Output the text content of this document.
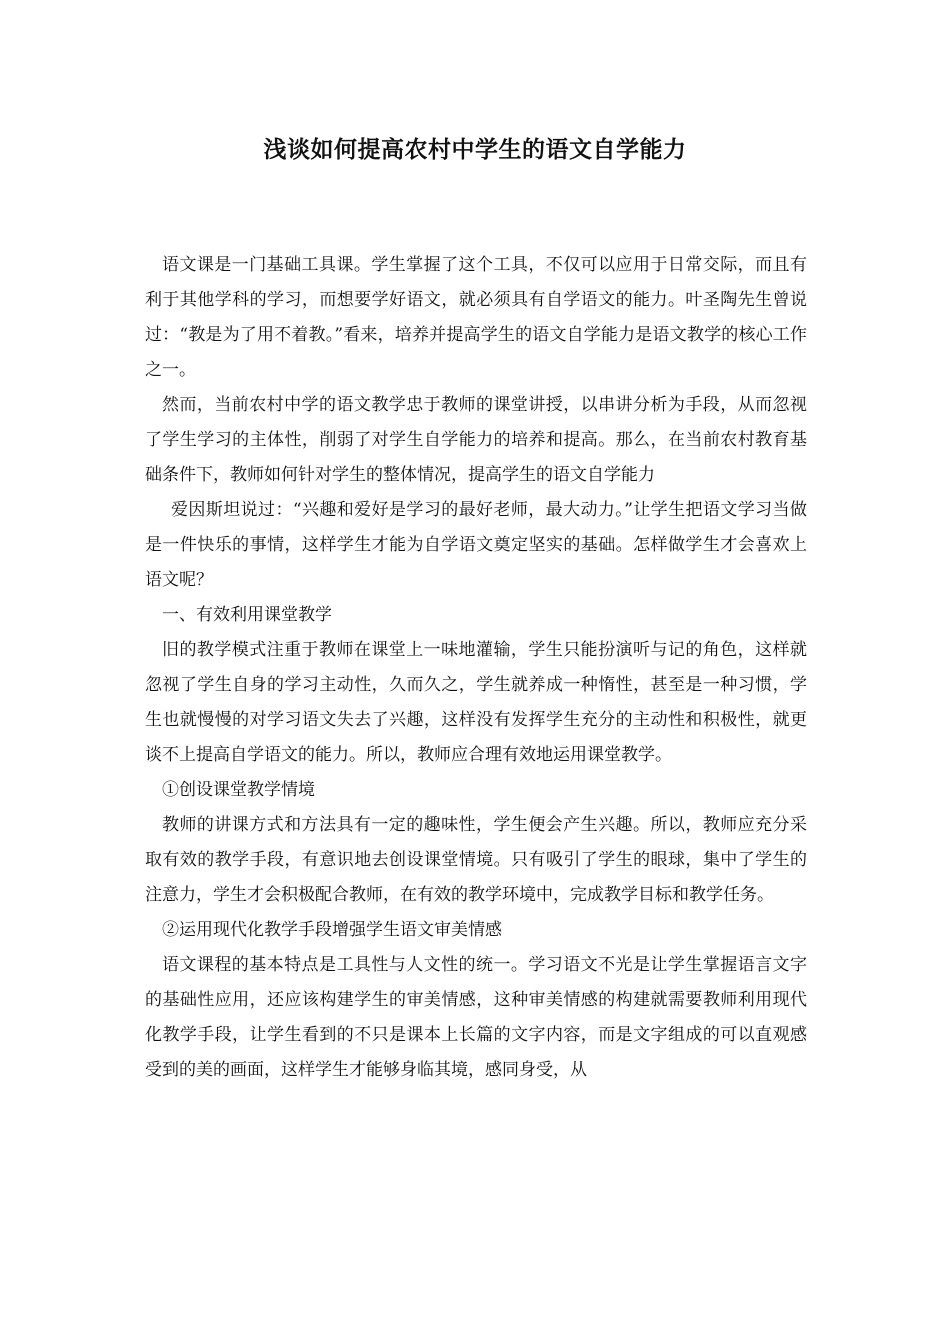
浅谈如何提高农村中学生的语文自学能力

语文课是一门基础工具课。学生掌握了这个工具，不仅可以应用于日常交际，而且有利于其他学科的学习，而想要学好语文，就必须具有自学语文的能力。叶圣陶先生曾说过：“教是为了用不着教。”看来，培养并提高学生的语文自学能力是语文教学的核心工作之一。

然而，当前农村中学的语文教学忠于教师的课堂讲授，以串讲分析为手段，从而忽视了学生学习的主体性，削弱了对学生自学能力的培养和提高。那么，在当前农村教育基础条件下，教师如何针对学生的整体情况，提高学生的语文自学能力

爱因斯坦说过：“兴趣和爱好是学习的最好老师，最大动力。”让学生把语文学习当做是一件快乐的事情，这样学生才能为自学语文奠定坚实的基础。怎样做学生才会喜欢上语文呢？

一、有效利用课堂教学

旧的教学模式注重于教师在课堂上一味地灌输，学生只能扮演听与记的角色，这样就忽视了学生自身的学习主动性，久而久之，学生就养成一种惰性，甚至是一种习惯，学生也就慢慢的对学习语文失去了兴趣，这样没有发挥学生充分的主动性和积极性，就更谈不上提高自学语文的能力。所以，教师应合理有效地运用课堂教学。

①创设课堂教学情境

教师的讲课方式和方法具有一定的趣味性，学生便会产生兴趣。所以，教师应充分采取有效的教学手段，有意识地去创设课堂情境。只有吸引了学生的眼球，集中了学生的注意力，学生才会积极配合教师，在有效的教学环境中，完成教学目标和教学任务。

②运用现代化教学手段增强学生语文审美情感

语文课程的基本特点是工具性与人文性的统一。学习语文不光是让学生掌握语言文字的基础性应用，还应该构建学生的审美情感，这种审美情感的构建就需要教师利用现代化教学手段，让学生看到的不只是课本上长篇的文字内容，而是文字组成的可以直观感受到的美的画面，这样学生才能够身临其境，感同身受，从
